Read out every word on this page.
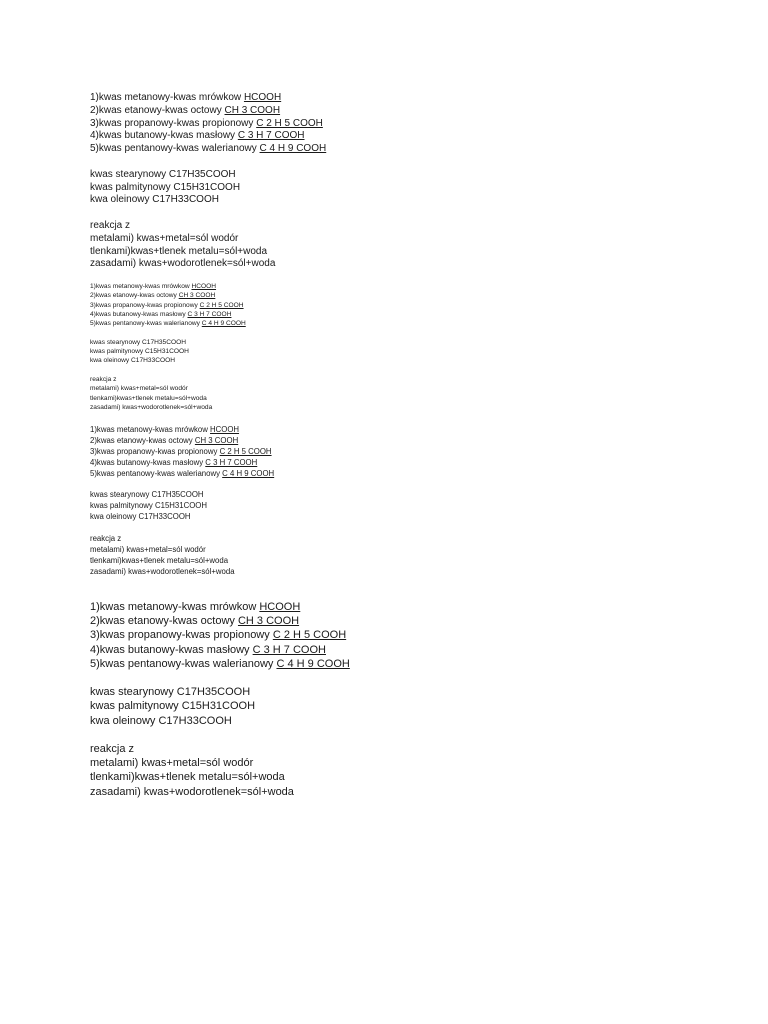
1)kwas metanowy-kwas mrówkow HCOOH
2)kwas etanowy-kwas octowy CH 3 COOH
3)kwas propanowy-kwas propionowy C 2 H 5 COOH
4)kwas butanowy-kwas masłowy C 3 H 7 COOH
5)kwas pentanowy-kwas walerianowy C 4 H 9 COOH
kwas stearynowy C17H35COOH
kwas palmitynowy C15H31COOH
kwa oleinowy C17H33COOH
reakcja z
metalami) kwas+metal=sól wodór
tlenkami)kwas+tlenek metalu=sól+woda
zasadami) kwas+wodorotlenek=sól+woda
1)kwas metanowy-kwas mrówkow HCOOH
2)kwas etanowy-kwas octowy CH 3 COOH
3)kwas propanowy-kwas propionowy C 2 H 5 COOH
4)kwas butanowy-kwas masłowy C 3 H 7 COOH
5)kwas pentanowy-kwas walerianowy C 4 H 9 COOH
kwas stearynowy C17H35COOH
kwas palmitynowy C15H31COOH
kwa oleinowy C17H33COOH
reakcja z
metalami) kwas+metal=sól wodór
tlenkami)kwas+tlenek metalu=sól+woda
zasadami) kwas+wodorotlenek=sól+woda
1)kwas metanowy-kwas mrówkow HCOOH
2)kwas etanowy-kwas octowy CH 3 COOH
3)kwas propanowy-kwas propionowy C 2 H 5 COOH
4)kwas butanowy-kwas masłowy C 3 H 7 COOH
5)kwas pentanowy-kwas walerianowy C 4 H 9 COOH
kwas stearynowy C17H35COOH
kwas palmitynowy C15H31COOH
kwa oleinowy C17H33COOH
reakcja z
metalami) kwas+metal=sól wodór
tlenkami)kwas+tlenek metalu=sól+woda
zasadami) kwas+wodorotlenek=sól+woda
1)kwas metanowy-kwas mrówkow HCOOH
2)kwas etanowy-kwas octowy CH 3 COOH
3)kwas propanowy-kwas propionowy C 2 H 5 COOH
4)kwas butanowy-kwas masłowy C 3 H 7 COOH
5)kwas pentanowy-kwas walerianowy C 4 H 9 COOH
kwas stearynowy C17H35COOH
kwas palmitynowy C15H31COOH
kwa oleinowy C17H33COOH
reakcja z
metalami) kwas+metal=sól wodór
tlenkami)kwas+tlenek metalu=sól+woda
zasadami) kwas+wodorotlenek=sól+woda
